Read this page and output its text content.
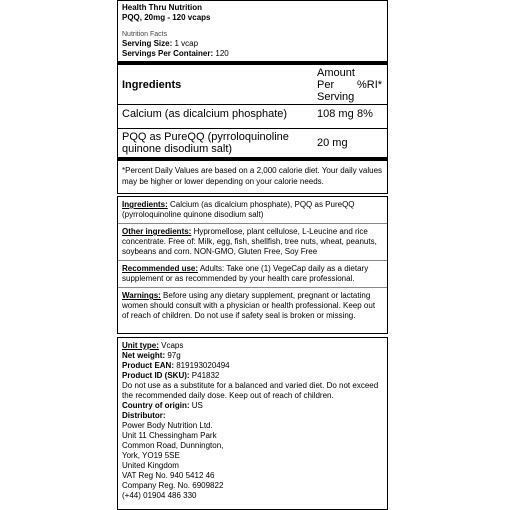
Health Thru Nutrition
PQQ, 20mg - 120 vcaps
Nutrition Facts
Serving Size: 1 vcap
Servings Per Container: 120
Ingredients
Amount
Per
Serving
%RI*
Calcium (as dicalcium phosphate)	108 mg 8%
PQQ as PureQQ (pyrroloquinoline quinone disodium salt)	20 mg
*Percent Daily Values are based on a 2,000 calorie diet. Your daily values may be higher or lower depending on your calorie needs.
Ingredients: Calcium (as dicalcium phosphate), PQQ as PureQQ (pyrroloquinoline quinone disodium salt)
Other ingredients: Hypromellose, plant cellulose, L-Leucine and rice concentrate. Free of: Milk, egg, fish, shellfish, tree nuts, wheat, peanuts, soybeans and corn. NON-GMO, Gluten Free, Soy Free
Recommended use: Adults: Take one (1) VegeCap daily as a dietary supplement or as recommended by your health care professional.
Warnings: Before using any dietary supplement, pregnant or lactating women should consult with a physician or health professional. Keep out of reach of children. Do not use if safety seal is broken or missing.
Unit type: Vcaps
Net weight: 97g
Product EAN: 819193020494
Product ID (SKU): P41832
Do not use as a substitute for a balanced and varied diet. Do not exceed the recommended daily dose. Keep out of reach of children.
Country of origin: US
Distributor:
Power Body Nutrition Ltd.
Unit 11 Chessingham Park
Common Road, Dunnington,
York, YO19 5SE
United Kingdom
VAT Reg No. 940 5412 46
Company Reg. No. 6909822
(+44) 01904 486 330
